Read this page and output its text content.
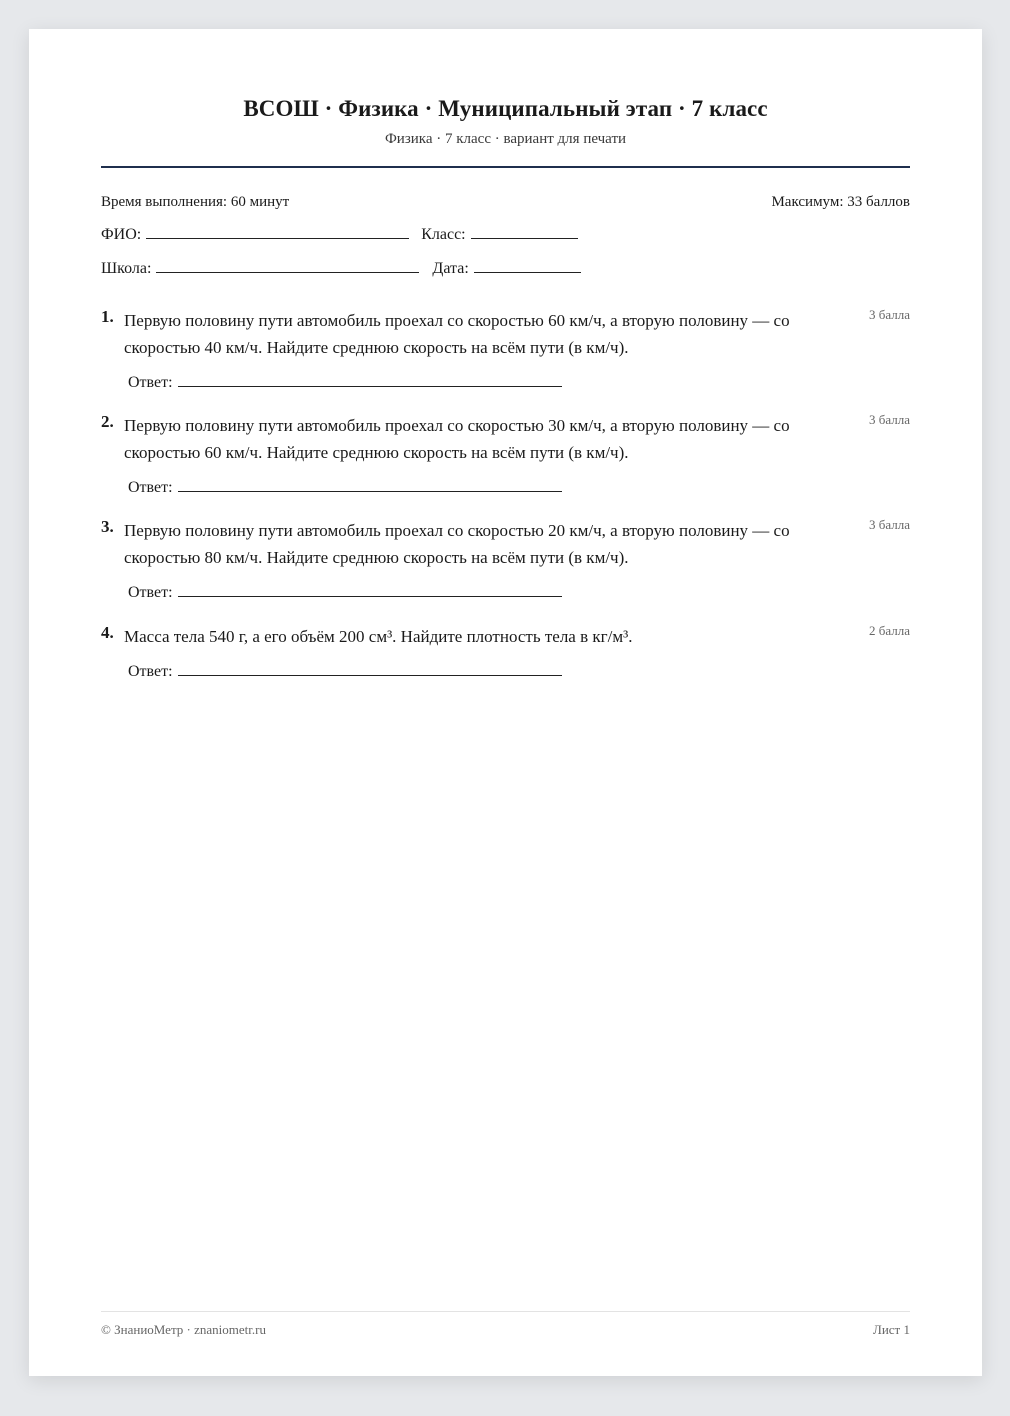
ВСОШ · Физика · Муниципальный этап · 7 класс
Физика · 7 класс · вариант для печати
Время выполнения: 60 минут	Максимум: 33 баллов
ФИО:	Класс:
Школа:	Дата:
1. Первую половину пути автомобиль проехал со скоростью 60 км/ч, а вторую половину — со скоростью 40 км/ч. Найдите среднюю скорость на всём пути (в км/ч).
3 балла
Ответ:
2. Первую половину пути автомобиль проехал со скоростью 30 км/ч, а вторую половину — со скоростью 60 км/ч. Найдите среднюю скорость на всём пути (в км/ч).
3 балла
Ответ:
3. Первую половину пути автомобиль проехал со скоростью 20 км/ч, а вторую половину — со скоростью 80 км/ч. Найдите среднюю скорость на всём пути (в км/ч).
3 балла
Ответ:
4. Масса тела 540 г, а его объём 200 см³. Найдите плотность тела в кг/м³.	2 балла
Ответ:
© ЗнаниоМетр · znaniometr.ru	Лист 1
